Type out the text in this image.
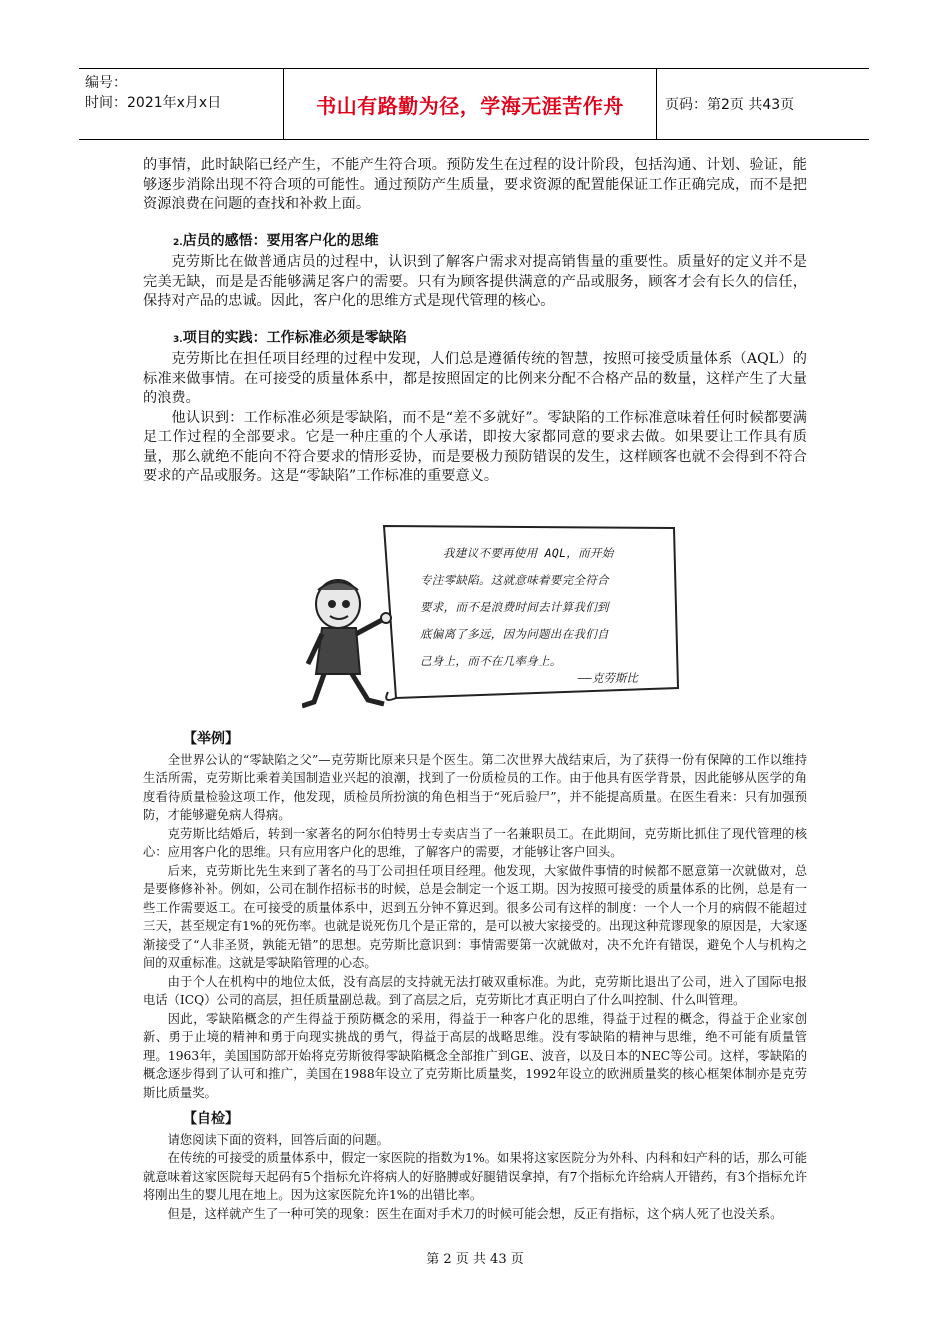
编号：
时间：2021年x月x日	书山有路勤为径，学海无涯苦作舟	页码：第2页 共43页

的事情，此时缺陷已经产生，不能产生符合项。预防发生在过程的设计阶段，包括沟通、计划、验证，能够逐步消除出现不符合项的可能性。通过预防产生质量，要求资源的配置能保证工作正确完成，而不是把资源浪费在问题的查找和补救上面。

2.店员的感悟：要用客户化的思维

克劳斯比在做普通店员的过程中，认识到了解客户需求对提高销售量的重要性。质量好的定义并不是完美无缺，而是是否能够满足客户的需要。只有为顾客提供满意的产品或服务，顾客才会有长久的信任，保持对产品的忠诚。因此，客户化的思维方式是现代管理的核心。

3.项目的实践：工作标准必须是零缺陷

克劳斯比在担任项目经理的过程中发现，人们总是遵循传统的智慧，按照可接受质量体系（AQL）的标准来做事情。在可接受的质量体系中，都是按照固定的比例来分配不合格产品的数量，这样产生了大量的浪费。

他认识到：工作标准必须是零缺陷，而不是“差不多就好”。零缺陷的工作标准意味着任何时候都要满足工作过程的全部要求。它是一种庄重的个人承诺，即按大家都同意的要求去做。如果要让工作具有质量，那么就绝不能向不符合要求的情形妥协，而是要极力预防错误的发生，这样顾客也就不会得到不符合要求的产品或服务。这是“零缺陷”工作标准的重要意义。

我建议不要再使用 AQL，而开始

专注零缺陷。这就意味着要完全符合

要求，而不是浪费时间去计算我们到

底偏离了多远，因为问题出在我们自

己身上，而不在几率身上。

——克劳斯比

【举例】

全世界公认的“零缺陷之父”—克劳斯比原来只是个医生。第二次世界大战结束后，为了获得一份有保障的工作以维持生活所需，克劳斯比乘着美国制造业兴起的浪潮，找到了一份质检员的工作。由于他具有医学背景，因此能够从医学的角度看待质量检验这项工作，他发现，质检员所扮演的角色相当于“死后验尸”，并不能提高质量。在医生看来：只有加强预防，才能够避免病人得病。

克劳斯比结婚后，转到一家著名的阿尔伯特男士专卖店当了一名兼职员工。在此期间，克劳斯比抓住了现代管理的核心：应用客户化的思维。只有应用客户化的思维，了解客户的需要，才能够让客户回头。

后来，克劳斯比先生来到了著名的马丁公司担任项目经理。他发现，大家做件事情的时候都不愿意第一次就做对，总是要修修补补。例如，公司在制作招标书的时候，总是会制定一个返工期。因为按照可接受的质量体系的比例，总是有一些工作需要返工。在可接受的质量体系中，迟到五分钟不算迟到。很多公司有这样的制度：一个人一个月的病假不能超过三天，甚至规定有1%的死伤率。也就是说死伤几个是正常的，是可以被大家接受的。出现这种荒谬现象的原因是，大家逐渐接受了“人非圣贤，孰能无错”的思想。克劳斯比意识到：事情需要第一次就做对，决不允许有错误，避免个人与机构之间的双重标准。这就是零缺陷管理的心态。

由于个人在机构中的地位太低，没有高层的支持就无法打破双重标准。为此，克劳斯比退出了公司，进入了国际电报电话（ICQ）公司的高层，担任质量副总裁。到了高层之后，克劳斯比才真正明白了什么叫控制、什么叫管理。

因此，零缺陷概念的产生得益于预防概念的采用，得益于一种客户化的思维，得益于过程的概念，得益于企业家创新、勇于止境的精神和勇于向现实挑战的勇气，得益于高层的战略思维。没有零缺陷的精神与思维，绝不可能有质量管理。1963年，美国国防部开始将克劳斯彼得零缺陷概念全部推广到GE、波音，以及日本的NEC等公司。这样，零缺陷的概念逐步得到了认可和推广，美国在1988年设立了克劳斯比质量奖，1992年设立的欧洲质量奖的核心框架体制亦是克劳斯比质量奖。

【自检】

请您阅读下面的资料，回答后面的问题。

在传统的可接受的质量体系中，假定一家医院的指数为1%。如果将这家医院分为外科、内科和妇产科的话，那么可能就意味着这家医院每天起码有5个指标允许将病人的好胳膊或好腿错误拿掉，有7个指标允许给病人开错药，有3个指标允许将刚出生的婴儿甩在地上。因为这家医院允许1%的出错比率。

但是，这样就产生了一种可笑的现象：医生在面对手术刀的时候可能会想，反正有指标，这个病人死了也没关系。

第 2 页 共 43 页
